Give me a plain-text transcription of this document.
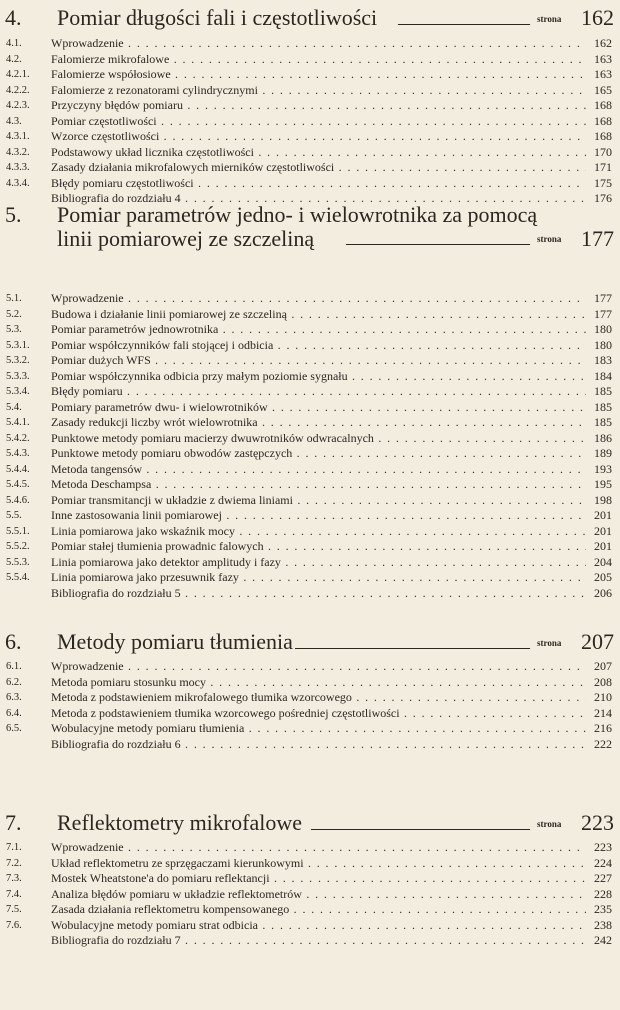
4. Pomiar długości fali i częstotliwości	strona 162
4.1. Wprowadzenie . . .	162
4.2. Falomierze mikrofalowe . . .	163
4.2.1. Falomierze współosiowe . . .	163
4.2.2. Falomierze z rezonatorami cylindrycznymi . . .	165
4.2.3. Przyczyny błędów pomiaru . . .	168
4.3. Pomiar częstotliwości . . .	168
4.3.1. Wzorce częstotliwości . . .	168
4.3.2. Podstawowy układ licznika częstotliwości . . .	170
4.3.3. Zasady działania mikrofalowych mierników częstotliwości . . .	171
4.3.4. Błędy pomiaru częstotliwości . . .	175
Bibliografia do rozdziału 4 . . .	176
5. Pomiar parametrów jedno- i wielowrotnika za pomocą
linii pomiarowej ze szczeliną	strona 177
5.1. Wprowadzenie . . .	177
5.2. Budowa i działanie linii pomiarowej ze szczeliną . . .	177
5.3. Pomiar parametrów jednowrotnika . . .	180
5.3.1. Pomiar współczynników fali stojącej i odbicia . . .	180
5.3.2. Pomiar dużych WFS . . .	183
5.3.3. Pomiar współczynnika odbicia przy małym poziomie sygnału . . .	184
5.3.4. Błędy pomiaru . . .	185
5.4. Pomiary parametrów dwu- i wielowrotników . . .	185
5.4.1. Zasady redukcji liczby wrót wielowrotnika . . .	185
5.4.2. Punktowe metody pomiaru macierzy dwuwrotników odwracalnych . . .	186
5.4.3. Punktowe metody pomiaru obwodów zastępczych . . .	189
5.4.4. Metoda tangensów . . .	193
5.4.5. Metoda Deschampsa . . .	195
5.4.6. Pomiar transmitancji w układzie z dwiema liniami . . .	198
5.5. Inne zastosowania linii pomiarowej . . .	201
5.5.1. Linia pomiarowa jako wskaźnik mocy . . .	201
5.5.2. Pomiar stałej tłumienia prowadnic falowych . . .	201
5.5.3. Linia pomiarowa jako detektor amplitudy i fazy . . .	204
5.5.4. Linia pomiarowa jako przesuwnik fazy . . .	205
Bibliografia do rozdziału 5 . . .	206
6. Metody pomiaru tłumienia	strona 207
6.1. Wprowadzenie . . .	207
6.2. Metoda pomiaru stosunku mocy . . .	208
6.3. Metoda z podstawieniem mikrofalowego tłumika wzorcowego . . .	210
6.4. Metoda z podstawieniem tłumika wzorcowego pośredniej częstotliwości . . .	214
6.5. Wobulacyjne metody pomiaru tłumienia . . .	216
Bibliografia do rozdziału 6 . . .	222
7. Reflektometry mikrofalowe	strona 223
7.1. Wprowadzenie . . .	223
7.2. Układ reflektometru ze sprzęgaczami kierunkowymi . . .	224
7.3. Mostek Wheatstone'a do pomiaru reflektancji . . .	227
7.4. Analiza błędów pomiaru w układzie reflektometrów . . .	228
7.5. Zasada działania reflektometru kompensowanego . . .	235
7.6. Wobulacyjne metody pomiaru strat odbicia . . .	238
Bibliografia do rozdziału 7 . . .	242
